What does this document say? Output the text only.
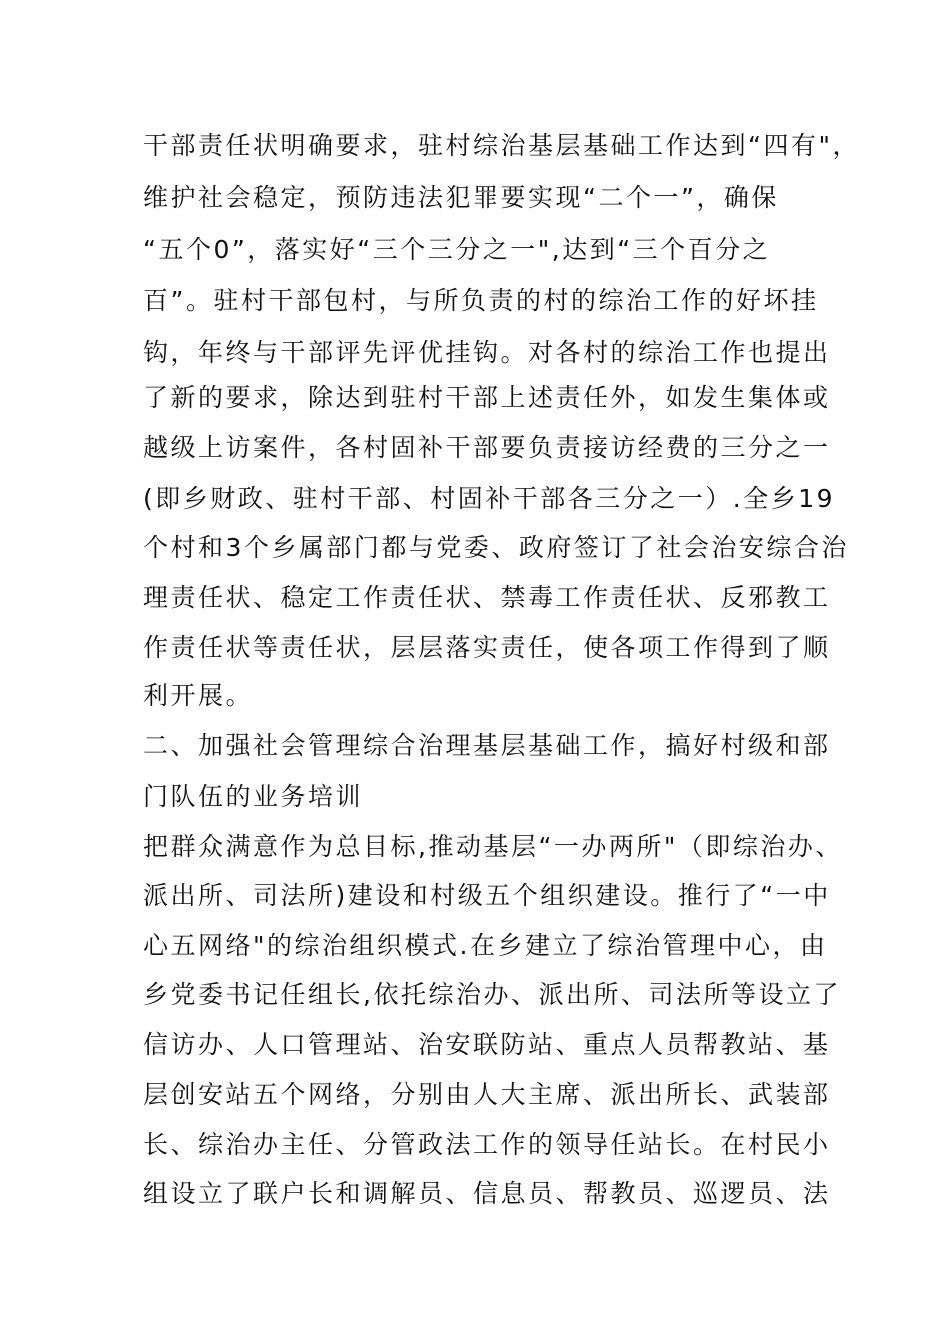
干部责任状明确要求，驻村综治基层基础工作达到“四有"，
维护社会稳定，预防违法犯罪要实现“二个一”，确保
“五个0”，落实好“三个三分之一",达到“三个百分之
百”。驻村干部包村，与所负责的村的综治工作的好坏挂
钩，年终与干部评先评优挂钩。对各村的综治工作也提出
了新的要求，除达到驻村干部上述责任外，如发生集体或
越级上访案件，各村固补干部要负责接访经费的三分之一
(即乡财政、驻村干部、村固补干部各三分之一）.全乡19
个村和3个乡属部门都与党委、政府签订了社会治安综合治
理责任状、稳定工作责任状、禁毒工作责任状、反邪教工
作责任状等责任状，层层落实责任，使各项工作得到了顺
利开展。
二、加强社会管理综合治理基层基础工作，搞好村级和部
门队伍的业务培训
把群众满意作为总目标,推动基层“一办两所"（即综治办、
派出所、司法所)建设和村级五个组织建设。推行了“一中
心五网络"的综治组织模式.在乡建立了综治管理中心，由
乡党委书记任组长,依托综治办、派出所、司法所等设立了
信访办、人口管理站、治安联防站、重点人员帮教站、基
层创安站五个网络，分别由人大主席、派出所长、武装部
长、综治办主任、分管政法工作的领导任站长。在村民小
组设立了联户长和调解员、信息员、帮教员、巡逻员、法
